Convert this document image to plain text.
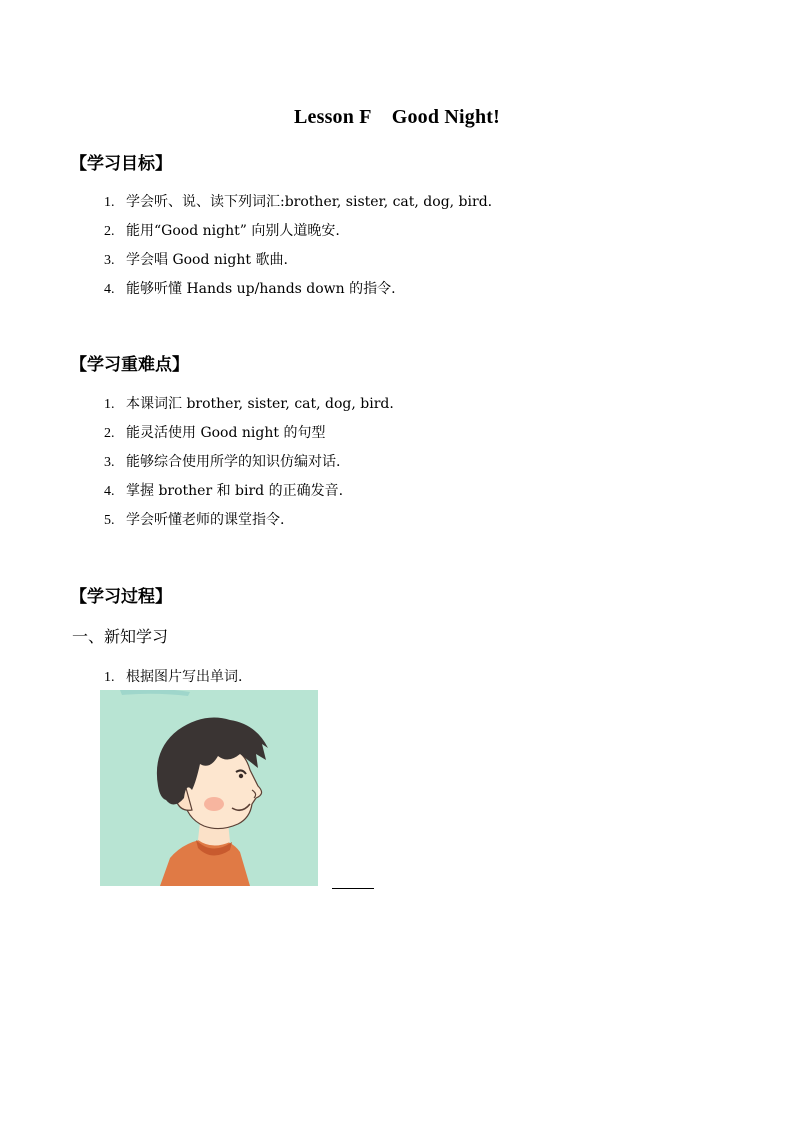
Lesson F Good Night!
【学习目标】
1. 学会听、说、读下列词汇:brother, sister, cat, dog, bird.
2. 能用“Good night” 向别人道晚安.
3. 学会唱 Good night 歌曲.
4. 能够听懂 Hands up/hands down 的指令.
【学习重难点】
1. 本课词汇 brother, sister, cat, dog, bird.
2. 能灵活使用 Good night 的句型
3. 能够综合使用所学的知识仿编对话.
4. 掌握 brother 和 bird 的正确发音.
5. 学会听懂老师的课堂指令.
【学习过程】
一、新知学习
1. 根据图片写出单词.
